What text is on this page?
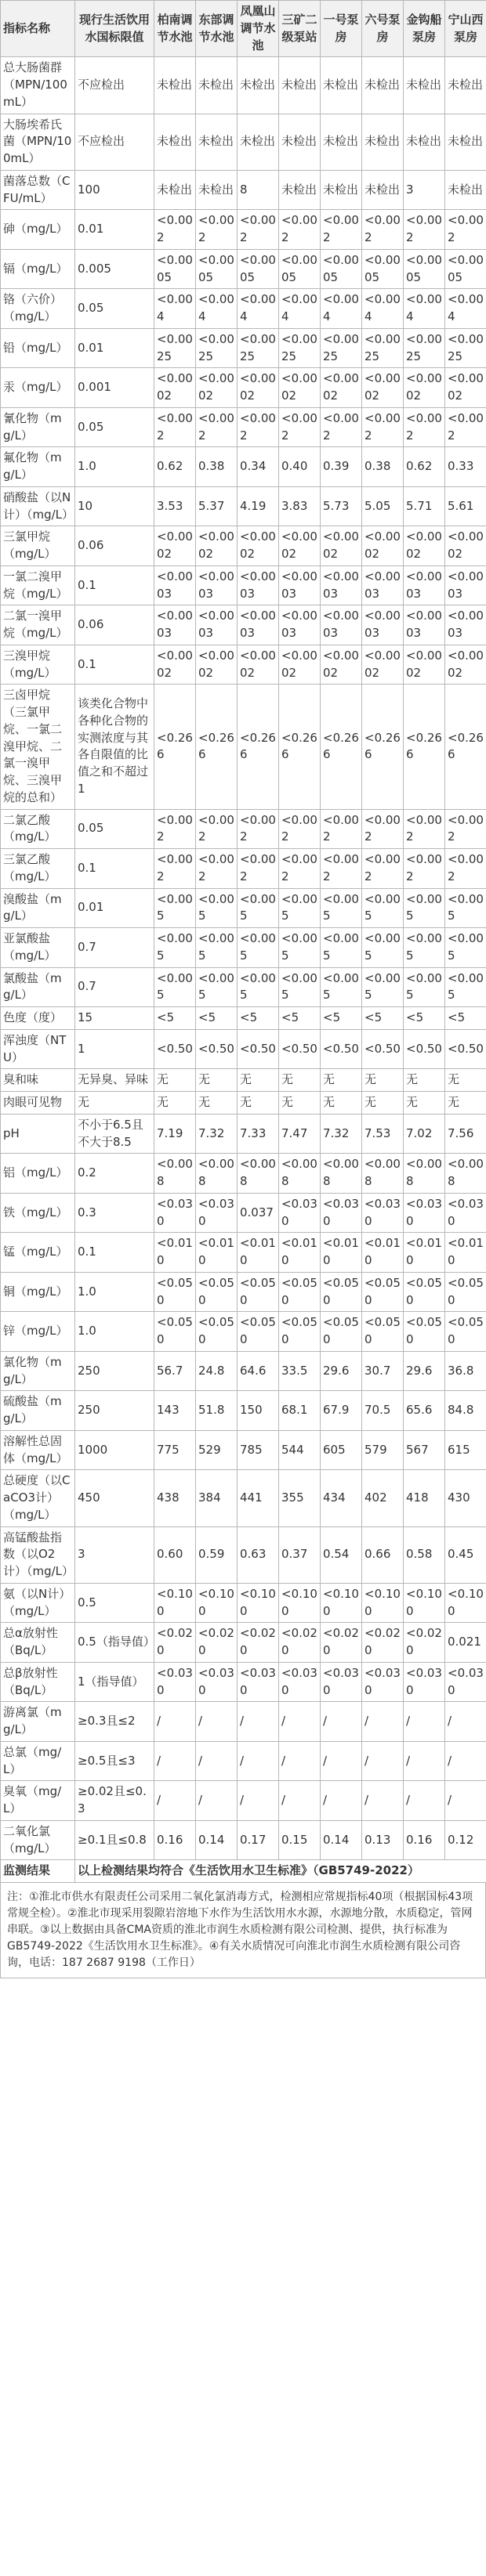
指标名称	现行生活饮用水国标限值	柏南调节水池	东部调节水池	凤凰山调节水池	三矿二级泵站	一号泵房	六号泵房	金钩船泵房	宁山西泵房
总大肠菌群（MPN/100mL）	不应检出	未检出	未检出	未检出	未检出	未检出	未检出	未检出	未检出
大肠埃希氏菌（MPN/100mL）	不应检出	未检出	未检出	未检出	未检出	未检出	未检出	未检出	未检出
菌落总数（CFU/mL）	100	未检出	未检出	8	未检出	未检出	未检出	3	未检出
砷（mg/L）	0.01	<0.002	<0.002	<0.002	<0.002	<0.002	<0.002	<0.002	<0.002
镉（mg/L）	0.005	<0.0005	<0.0005	<0.0005	<0.0005	<0.0005	<0.0005	<0.0005	<0.0005
铬（六价）（mg/L）	0.05	<0.004	<0.004	<0.004	<0.004	<0.004	<0.004	<0.004	<0.004
铅（mg/L）	0.01	<0.0025	<0.0025	<0.0025	<0.0025	<0.0025	<0.0025	<0.0025	<0.0025
汞（mg/L）	0.001	<0.0002	<0.0002	<0.0002	<0.0002	<0.0002	<0.0002	<0.0002	<0.0002
氰化物（mg/L）	0.05	<0.002	<0.002	<0.002	<0.002	<0.002	<0.002	<0.002	<0.002
氟化物（mg/L）	1.0	0.62	0.38	0.34	0.40	0.39	0.38	0.62	0.33
硝酸盐（以N计）（mg/L）	10	3.53	5.37	4.19	3.83	5.73	5.05	5.71	5.61
三氯甲烷（mg/L）	0.06	<0.0002	<0.0002	<0.0002	<0.0002	<0.0002	<0.0002	<0.0002	<0.0002
一氯二溴甲烷（mg/L）	0.1	<0.0003	<0.0003	<0.0003	<0.0003	<0.0003	<0.0003	<0.0003	<0.0003
二氯一溴甲烷（mg/L）	0.06	<0.0003	<0.0003	<0.0003	<0.0003	<0.0003	<0.0003	<0.0003	<0.0003
三溴甲烷（mg/L）	0.1	<0.0002	<0.0002	<0.0002	<0.0002	<0.0002	<0.0002	<0.0002	<0.0002
三卤甲烷（三氯甲烷、一氯二溴甲烷、二氯一溴甲烷、三溴甲烷的总和）	该类化合物中各种化合物的实测浓度与其各自限值的比值之和不超过1	<0.266	<0.266	<0.266	<0.266	<0.266	<0.266	<0.266	<0.266
二氯乙酸（mg/L）	0.05	<0.002	<0.002	<0.002	<0.002	<0.002	<0.002	<0.002	<0.002
三氯乙酸（mg/L）	0.1	<0.002	<0.002	<0.002	<0.002	<0.002	<0.002	<0.002	<0.002
溴酸盐（mg/L）	0.01	<0.005	<0.005	<0.005	<0.005	<0.005	<0.005	<0.005	<0.005
亚氯酸盐（mg/L）	0.7	<0.005	<0.005	<0.005	<0.005	<0.005	<0.005	<0.005	<0.005
氯酸盐（mg/L）	0.7	<0.005	<0.005	<0.005	<0.005	<0.005	<0.005	<0.005	<0.005
色度（度）	15	<5	<5	<5	<5	<5	<5	<5	<5
浑浊度（NTU）	1	<0.50	<0.50	<0.50	<0.50	<0.50	<0.50	<0.50	<0.50
臭和味	无异臭、异味	无	无	无	无	无	无	无	无
肉眼可见物	无	无	无	无	无	无	无	无	无
pH	不小于6.5且不大于8.5	7.19	7.32	7.33	7.47	7.32	7.53	7.02	7.56
铝（mg/L）	0.2	<0.008	<0.008	<0.008	<0.008	<0.008	<0.008	<0.008	<0.008
铁（mg/L）	0.3	<0.030	<0.030	0.037	<0.030	<0.030	<0.030	<0.030	<0.030
锰（mg/L）	0.1	<0.010	<0.010	<0.010	<0.010	<0.010	<0.010	<0.010	<0.010
铜（mg/L）	1.0	<0.050	<0.050	<0.050	<0.050	<0.050	<0.050	<0.050	<0.050
锌（mg/L）	1.0	<0.050	<0.050	<0.050	<0.050	<0.050	<0.050	<0.050	<0.050
氯化物（mg/L）	250	56.7	24.8	64.6	33.5	29.6	30.7	29.6	36.8
硫酸盐（mg/L）	250	143	51.8	150	68.1	67.9	70.5	65.6	84.8
溶解性总固体（mg/L）	1000	775	529	785	544	605	579	567	615
总硬度（以CaCO3计）（mg/L）	450	438	384	441	355	434	402	418	430
高锰酸盐指数（以O2计）（mg/L）	3	0.60	0.59	0.63	0.37	0.54	0.66	0.58	0.45
氨（以N计）（mg/L）	0.5	<0.100	<0.100	<0.100	<0.100	<0.100	<0.100	<0.100	<0.100
总α放射性（Bq/L）	0.5（指导值）	<0.020	<0.020	<0.020	<0.020	<0.020	<0.020	<0.020	0.021
总β放射性（Bq/L）	1（指导值）	<0.030	<0.030	<0.030	<0.030	<0.030	<0.030	<0.030	<0.030
游离氯（mg/L）	≥0.3且≤2	/	/	/	/	/	/	/	/
总氯（mg/L）	≥0.5且≤3	/	/	/	/	/	/	/	/
臭氧（mg/L）	≥0.02且≤0.3	/	/	/	/	/	/	/	/
二氧化氯（mg/L）	≥0.1且≤0.8	0.16	0.14	0.17	0.15	0.14	0.13	0.16	0.12
监测结果	以上检测结果均符合《生活饮用水卫生标准》（GB5749-2022）								
注：①淮北市供水有限责任公司采用二氧化氯消毒方式，检测相应常规指标40项（根据国标43项常规全检）。②淮北市现采用裂隙岩溶地下水作为生活饮用水水源，水源地分散，水质稳定，管网串联。③以上数据由具备CMA资质的淮北市润生水质检测有限公司检测、提供，执行标准为GB5749-2022《生活饮用水卫生标准》。④有关水质情况可向淮北市润生水质检测有限公司咨询，电话：187 2687 9198（工作日）
